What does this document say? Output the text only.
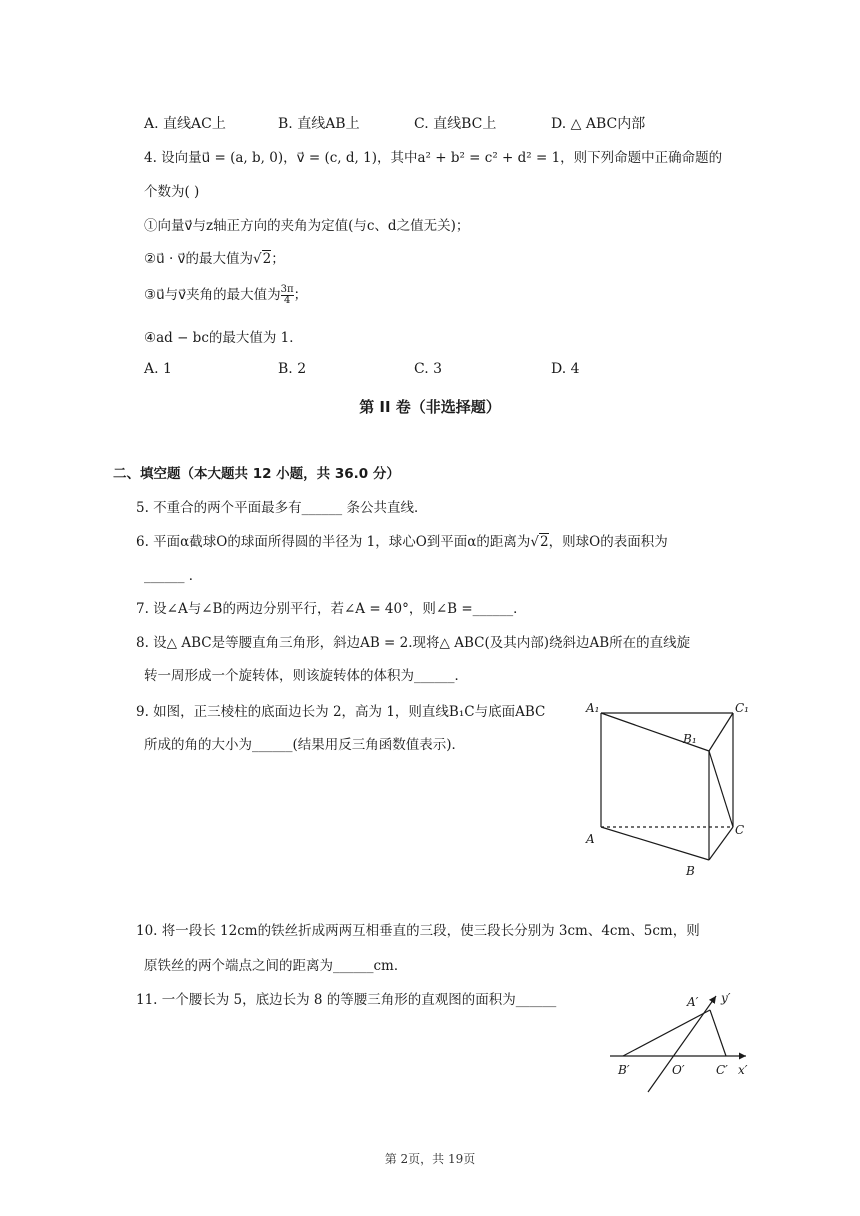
A. 直线AC上	B. 直线AB上	C. 直线BC上	D. △ ABC内部
4. 设向量u⃗ = (a, b, 0)，v⃗ = (c, d, 1)，其中a² + b² = c² + d² = 1，则下列命题中正确命题的
个数为( )
①向量v⃗与z轴正方向的夹角为定值(与c、d之值无关)；
②u⃗ · v⃗的最大值为√2；
③u⃗与v⃗夹角的最大值为 $\frac{3\pi}{4}$ ；
④ad − bc的最大值为 1．
A. 1	B. 2	C. 3	D. 4
第 II 卷（非选择题）
二、填空题（本大题共 12 小题，共 36.0 分）
5. 不重合的两个平面最多有______ 条公共直线．
6. 平面α截球O的球面所得圆的半径为 1，球心O到平面α的距离为√2，则球O的表面积为
______ ．
7. 设∠A与∠B的两边分别平行，若∠A = 40°，则∠B =______．
8. 设△ ABC是等腰直角三角形，斜边AB = 2.现将△ ABC(及其内部)绕斜边AB所在的直线旋
转一周形成一个旋转体，则该旋转体的体积为______．
9. 如图，正三棱柱的底面边长为 2，高为 1，则直线B₁C与底面ABC
所成的角的大小为______(结果用反三角函数值表示)．
A₁	C₁
B₁
A
C
B
10. 将一段长 12cm的铁丝折成两两互相垂直的三段，使三段长分别为 3cm、4cm、5cm，则
原铁丝的两个端点之间的距离为______cm．
11. 一个腰长为 5，底边长为 8 的等腰三角形的直观图的面积为______	A′ y′
B′	O′	C′ x′
第 2页，共 19页
